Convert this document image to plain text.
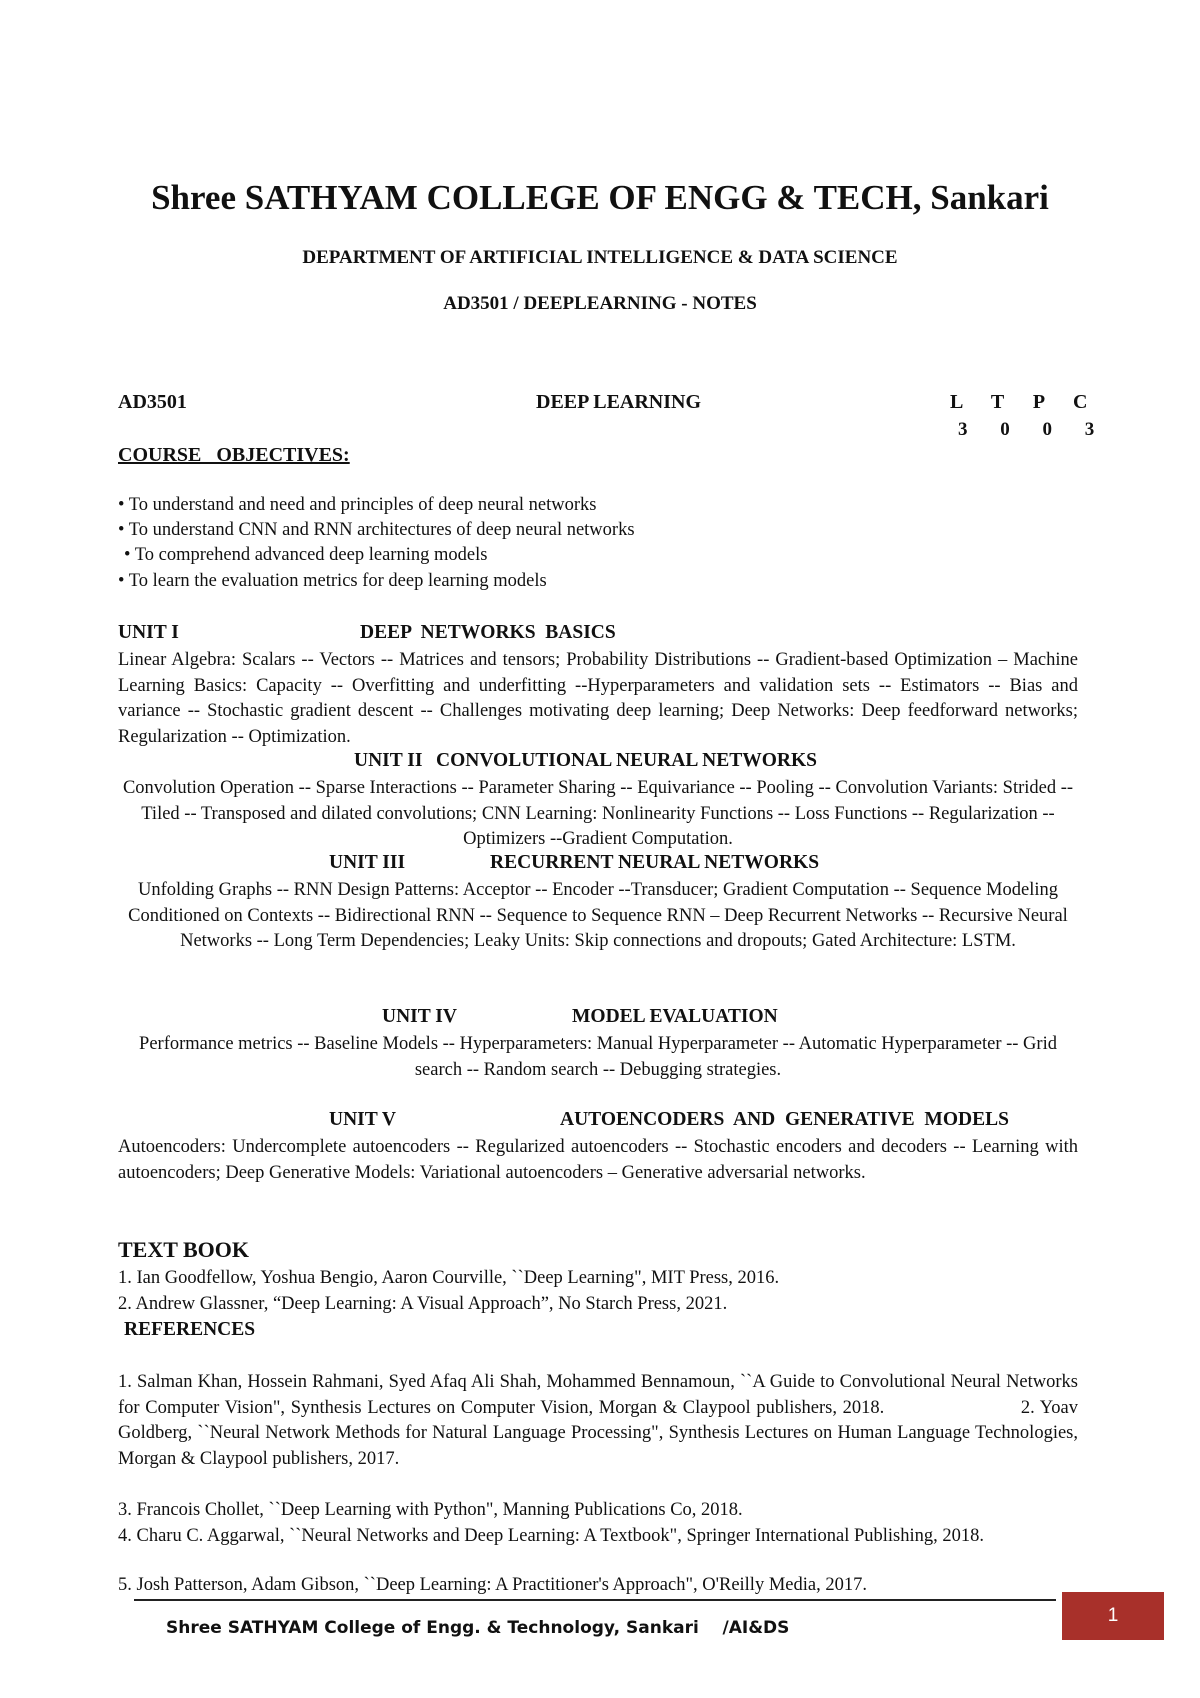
Shree SATHYAM COLLEGE OF ENGG & TECH, Sankari
DEPARTMENT OF ARTIFICIAL INTELLIGENCE & DATA SCIENCE
AD3501 / DEEPLEARNING - NOTES
AD3501	DEEP LEARNING	L T P C
3 0 0 3
COURSE   OBJECTIVES:
• To understand and need and principles of deep neural networks
• To understand CNN and RNN architectures of deep neural networks
• To comprehend advanced deep learning models
• To learn the evaluation metrics for deep learning models
UNIT I	DEEP  NETWORKS  BASICS
Linear Algebra: Scalars -- Vectors -- Matrices and tensors; Probability Distributions -- Gradient-based Optimization – Machine Learning Basics: Capacity -- Overfitting and underfitting --Hyperparameters and validation sets -- Estimators -- Bias and variance -- Stochastic gradient descent -- Challenges motivating deep learning; Deep Networks: Deep feedforward networks; Regularization -- Optimization.
UNIT II CONVOLUTIONAL NEURAL NETWORKS
Convolution Operation -- Sparse Interactions -- Parameter Sharing -- Equivariance -- Pooling -- Convolution Variants: Strided -- Tiled -- Transposed and dilated convolutions; CNN Learning: Nonlinearity Functions -- Loss Functions -- Regularization -- Optimizers --Gradient Computation.
UNIT III	RECURRENT NEURAL NETWORKS
Unfolding Graphs -- RNN Design Patterns: Acceptor -- Encoder --Transducer; Gradient Computation -- Sequence Modeling Conditioned on Contexts -- Bidirectional RNN -- Sequence to Sequence RNN – Deep Recurrent Networks -- Recursive Neural Networks -- Long Term Dependencies; Leaky Units: Skip connections and dropouts; Gated Architecture: LSTM.
UNIT IV	MODEL EVALUATION
Performance metrics -- Baseline Models -- Hyperparameters: Manual Hyperparameter -- Automatic Hyperparameter -- Grid search -- Random search -- Debugging strategies.
UNIT V	AUTOENCODERS  AND  GENERATIVE  MODELS
Autoencoders: Undercomplete autoencoders -- Regularized autoencoders -- Stochastic encoders and decoders -- Learning with autoencoders; Deep Generative Models: Variational autoencoders – Generative adversarial networks.
TEXT BOOK
1. Ian Goodfellow, Yoshua Bengio, Aaron Courville, ``Deep Learning", MIT Press, 2016.
2. Andrew Glassner, “Deep Learning: A Visual Approach”, No Starch Press, 2021.
REFERENCES
1. Salman Khan, Hossein Rahmani, Syed Afaq Ali Shah, Mohammed Bennamoun, ``A Guide to Convolutional Neural Networks for Computer Vision", Synthesis Lectures on Computer Vision, Morgan & Claypool publishers, 2018.                        2. Yoav Goldberg, ``Neural Network Methods for Natural Language Processing", Synthesis Lectures on Human Language Technologies, Morgan & Claypool publishers, 2017.
3. Francois Chollet, ``Deep Learning with Python", Manning Publications Co, 2018.
4. Charu C. Aggarwal, ``Neural Networks and Deep Learning: A Textbook", Springer International Publishing, 2018.
5. Josh Patterson, Adam Gibson, ``Deep Learning: A Practitioner's Approach", O'Reilly Media, 2017.
Shree SATHYAM College of Engg. & Technology, Sankari    /AI&DS
1
